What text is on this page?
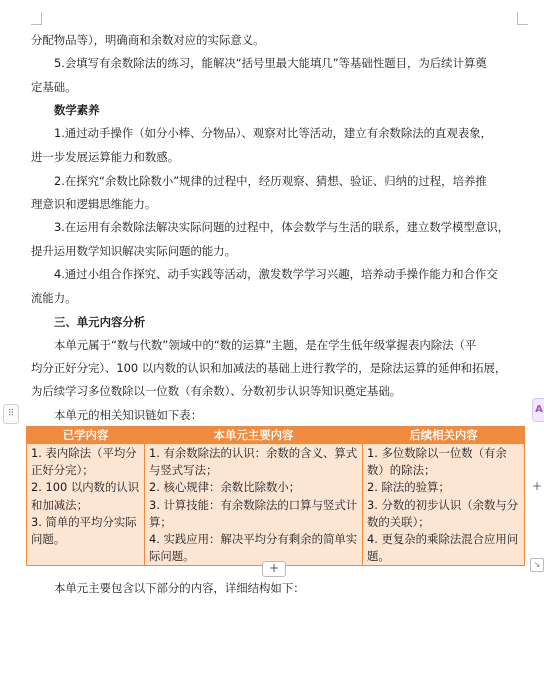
分配物品等），明确商和余数对应的实际意义。
5.会填写有余数除法的练习，能解决“括号里最大能填几”等基础性题目，为后续计算奠
定基础。
数学素养
1.通过动手操作（如分小棒、分物品）、观察对比等活动，建立有余数除法的直观表象，
进一步发展运算能力和数感。
2.在探究“余数比除数小”规律的过程中，经历观察、猜想、验证、归纳的过程，培养推
理意识和逻辑思维能力。
3.在运用有余数除法解决实际问题的过程中，体会数学与生活的联系，建立数学模型意识，
提升运用数学知识解决实际问题的能力。
4.通过小组合作探究、动手实践等活动，激发数学学习兴趣，培养动手操作能力和合作交
流能力。
三、单元内容分析
本单元属于“数与代数”领域中的“数的运算”主题，是在学生低年级掌握表内除法（平
均分正好分完）、100 以内数的认识和加减法的基础上进行教学的，是除法运算的延伸和拓展，
为后续学习多位数除以一位数（有余数）、分数初步认识等知识奠定基础。
本单元的相关知识链如下表：
已学内容	本单元主要内容	后续相关内容

1. 表内除法（平均分正好分完）；
2. 100 以内数的认识和加减法；
3. 简单的平均分实际问题。	1. 有余数除法的认识：余数的含义、算式与竖式写法；
2. 核心规律：余数比除数小；
3. 计算技能：有余数除法的口算与竖式计算；
4. 实践应用：解决平均分有剩余的简单实际问题。	1. 多位数除以一位数（有余数）的除法；
2. 除法的验算；
3. 分数的初步认识（余数与分数的关联）；
4. 更复杂的乘除法混合应用问题。
+
本单元主要包含以下部分的内容，详细结构如下：
⠿	A
+
↘
